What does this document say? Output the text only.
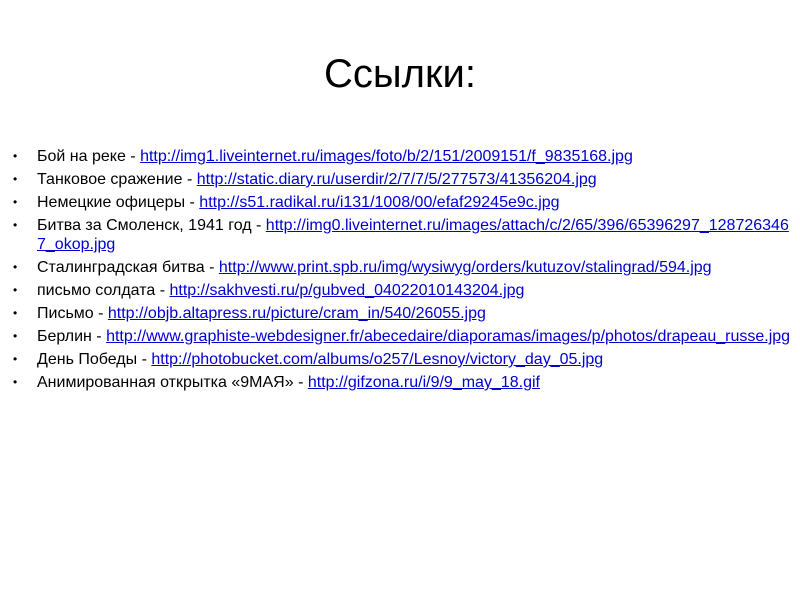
Ссылки:
•	Бой на реке - http://img1.liveinternet.ru/images/foto/b/2/151/2009151/f_9835168.jpg
•	Танковое сражение - http://static.diary.ru/userdir/2/7/7/5/277573/41356204.jpg
•	Немецкие офицеры - http://s51.radikal.ru/i131/1008/00/efaf29245e9c.jpg
•	Битва за Смоленск, 1941 год - http://img0.liveinternet.ru/images/attach/c/2/65/396/65396297_1287263467_okop.jpg
•	Сталинградская битва - http://www.print.spb.ru/img/wysiwyg/orders/kutuzov/stalingrad/594.jpg
•	письмо солдата - http://sakhvesti.ru/p/gubved_04022010143204.jpg
•	Письмо - http://objb.altapress.ru/picture/cram_in/540/26055.jpg
•	Берлин - http://www.graphiste-webdesigner.fr/abecedaire/diaporamas/images/p/photos/drapeau_russe.jpg
•	День Победы - http://photobucket.com/albums/o257/Lesnoy/victory_day_05.jpg
•	Анимированная открытка «9МАЯ» - http://gifzona.ru/i/9/9_may_18.gif
